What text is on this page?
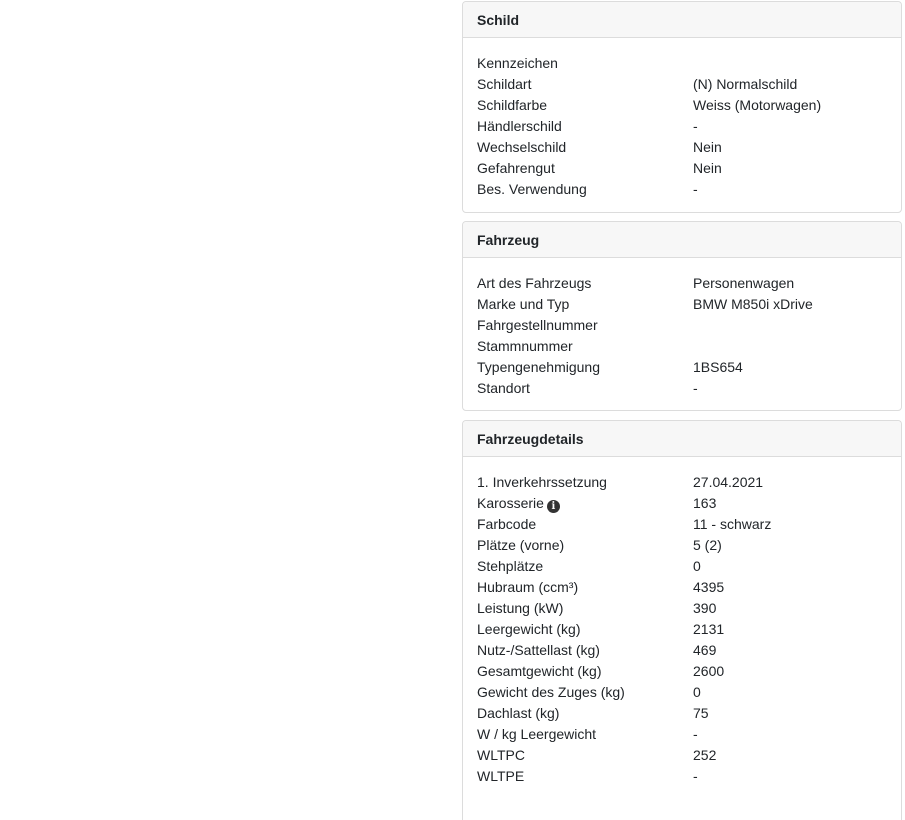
Schild
Kennzeichen
Schildart	(N) Normalschild
Schildfarbe	Weiss (Motorwagen)
Händlerschild	-
Wechselschild	Nein
Gefahrengut	Nein
Bes. Verwendung	-
Fahrzeug
Art des Fahrzeugs	Personenwagen
Marke und Typ	BMW M850i xDrive
Fahrgestellnummer
Stammnummer
Typengenehmigung	1BS654
Standort	-
Fahrzeugdetails
1. Inverkehrssetzung	27.04.2021
Karosserie i	163
Farbcode	11 - schwarz
Plätze (vorne)	5 (2)
Stehplätze	0
Hubraum (ccm³)	4395
Leistung (kW)	390
Leergewicht (kg)	2131
Nutz-/Sattellast (kg)	469
Gesamtgewicht (kg)	2600
Gewicht des Zuges (kg)	0
Dachlast (kg)	75
W / kg Leergewicht	-
WLTPC	252
WLTPE	-
